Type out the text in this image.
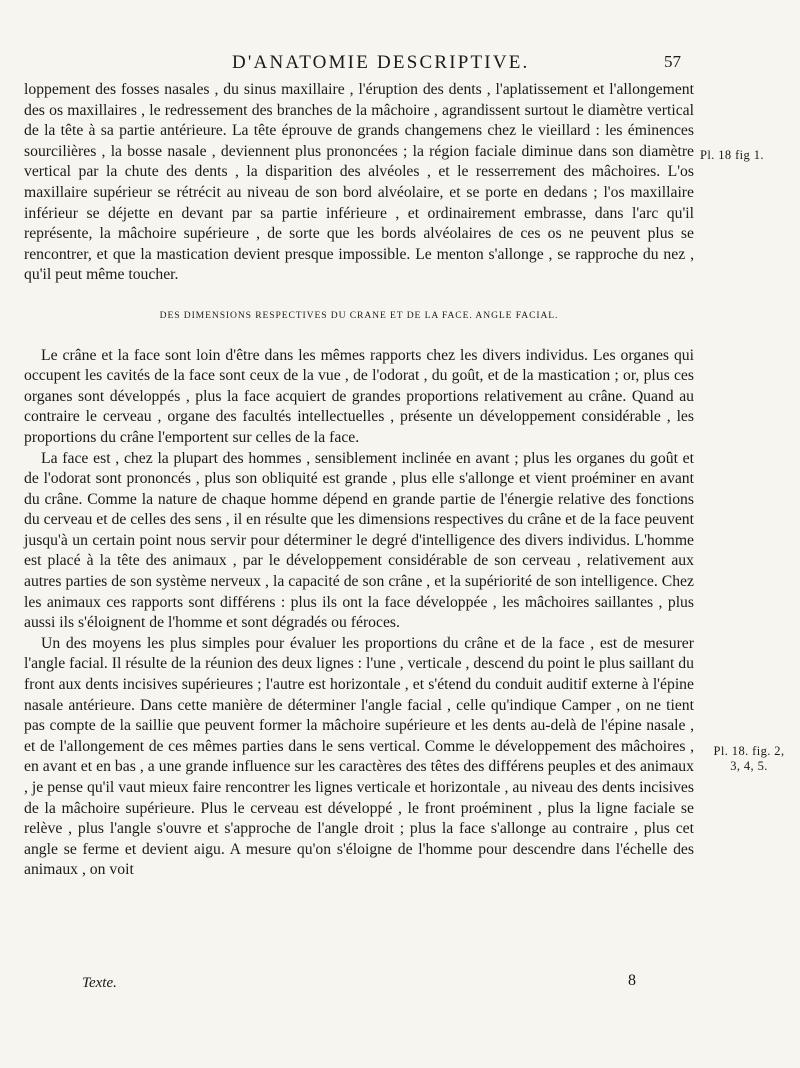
D'ANATOMIE DESCRIPTIVE.	57

loppement des fosses nasales , du sinus maxillaire , l'éruption des dents , l'aplatissement et l'allongement des os maxillaires , le redressement des branches de la mâchoire , agrandissent surtout le diamètre vertical de la tête à sa partie antérieure. La tête éprouve de grands changemens chez le vieillard : les éminences sourcilières , la bosse nasale , deviennent plus prononcées ; la région faciale diminue dans son diamètre vertical par la chute des dents , la disparition des alvéoles , et le resserrement des mâchoires. L'os maxillaire supérieur se rétrécit au niveau de son bord alvéolaire, et se porte en dedans ; l'os maxillaire inférieur se déjette en devant par sa partie inférieure , et ordinairement embrasse, dans l'arc qu'il représente, la mâchoire supérieure , de sorte que les bords alvéolaires de ces os ne peuvent plus se rencontrer, et que la mastication devient presque impossible. Le menton s'allonge , se rapproche du nez , qu'il peut même toucher.

DES DIMENSIONS RESPECTIVES DU CRANE ET DE LA FACE. ANGLE FACIAL.

Le crâne et la face sont loin d'être dans les mêmes rapports chez les divers individus. Les organes qui occupent les cavités de la face sont ceux de la vue , de l'odorat , du goût, et de la mastication ; or, plus ces organes sont développés , plus la face acquiert de grandes proportions relativement au crâne. Quand au contraire le cerveau , organe des facultés intellectuelles , présente un développement considérable , les proportions du crâne l'emportent sur celles de la face.

La face est , chez la plupart des hommes , sensiblement inclinée en avant ; plus les organes du goût et de l'odorat sont prononcés , plus son obliquité est grande , plus elle s'allonge et vient proéminer en avant du crâne. Comme la nature de chaque homme dépend en grande partie de l'énergie relative des fonctions du cerveau et de celles des sens , il en résulte que les dimensions respectives du crâne et de la face peuvent jusqu'à un certain point nous servir pour déterminer le degré d'intelligence des divers individus. L'homme est placé à la tête des animaux , par le développement considérable de son cerveau , relativement aux autres parties de son système nerveux , la capacité de son crâne , et la supériorité de son intelligence. Chez les animaux ces rapports sont différens : plus ils ont la face développée , les mâchoires saillantes , plus aussi ils s'éloignent de l'homme et sont dégradés ou féroces.

Un des moyens les plus simples pour évaluer les proportions du crâne et de la face , est de mesurer l'angle facial. Il résulte de la réunion des deux lignes : l'une , verticale , descend du point le plus saillant du front aux dents incisives supérieures ; l'autre est horizontale , et s'étend du conduit auditif externe à l'épine nasale antérieure. Dans cette manière de déterminer l'angle facial , celle qu'indique Camper , on ne tient pas compte de la saillie que peuvent former la mâchoire supérieure et les dents au-delà de l'épine nasale , et de l'allongement de ces mêmes parties dans le sens vertical. Comme le développement des mâchoires , en avant et en bas , a une grande influence sur les caractères des têtes des différens peuples et des animaux , je pense qu'il vaut mieux faire rencontrer les lignes verticale et horizontale , au niveau des dents incisives de la mâchoire supérieure. Plus le cerveau est développé , le front proéminent , plus la ligne faciale se relève , plus l'angle s'ouvre et s'approche de l'angle droit ; plus la face s'allonge au contraire , plus cet angle se ferme et devient aigu. A mesure qu'on s'éloigne de l'homme pour descendre dans l'échelle des animaux , on voit

Pl. 18 fig 1.
Pl. 18. fig. 2,
3, 4, 5.
Texte.	8
